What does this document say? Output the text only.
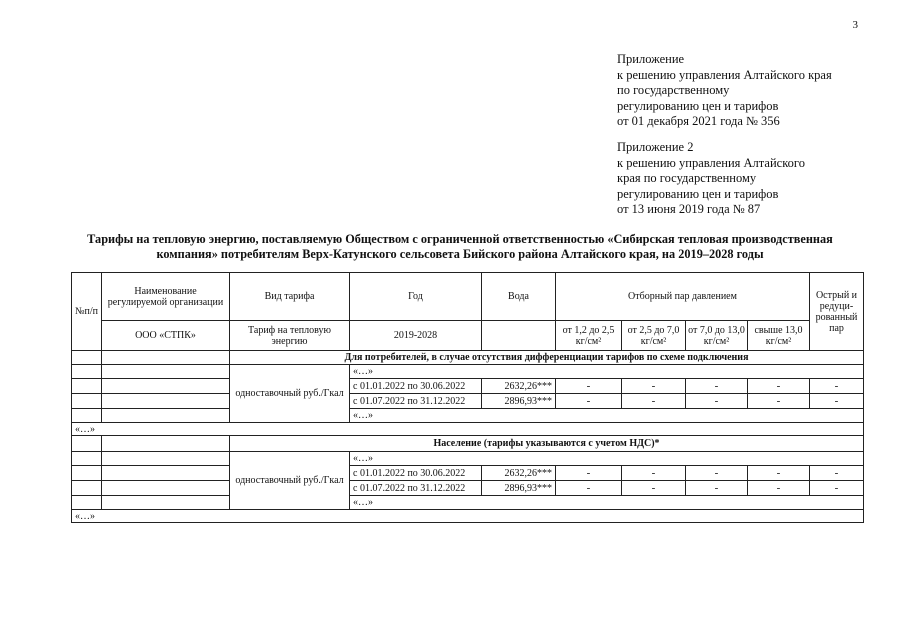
3
Приложение
к решению управления Алтайского края
по государственному
регулированию цен и тарифов
от 01 декабря 2021 года № 356
Приложение 2
к решению управления Алтайского
края по государственному
регулированию цен и тарифов
от 13 июня 2019 года № 87
Тарифы на тепловую энергию, поставляемую Обществом с ограниченной ответственностью «Сибирская тепловая производственная
компания» потребителям Верх-Катунского сельсовета Бийского района Алтайского края, на 2019–2028 годы
№п/п	Наименование регулируемой организации	Вид тарифа	Год	Вода	Отборный пар давлением				Острый и редуци-рованный пар
	ООО «СТПК»	Тариф на тепловую энергию	2019-2028		от 1,2 до 2,5 кг/см²	от 2,5 до 7,0 кг/см²	от 7,0 до 13,0 кг/см²	свыше 13,0 кг/см²	
		Для потребителей, в случае отсутствия дифференциации тарифов по схеме подключения							
		одноставочный руб./Гкал	«…»						
			с 01.01.2022 по 30.06.2022	2632,26***	-	-	-	-	-
			с 01.07.2022 по 31.12.2022	2896,93***	-	-	-	-	-
			«…»						
«…»									
		Население (тарифы указываются с учетом НДС)*							
		одноставочный руб./Гкал	«…»						
			с 01.01.2022 по 30.06.2022	2632,26***	-	-	-	-	-
			с 01.07.2022 по 31.12.2022	2896,93***	-	-	-	-	-
			«…»						
«…»									
